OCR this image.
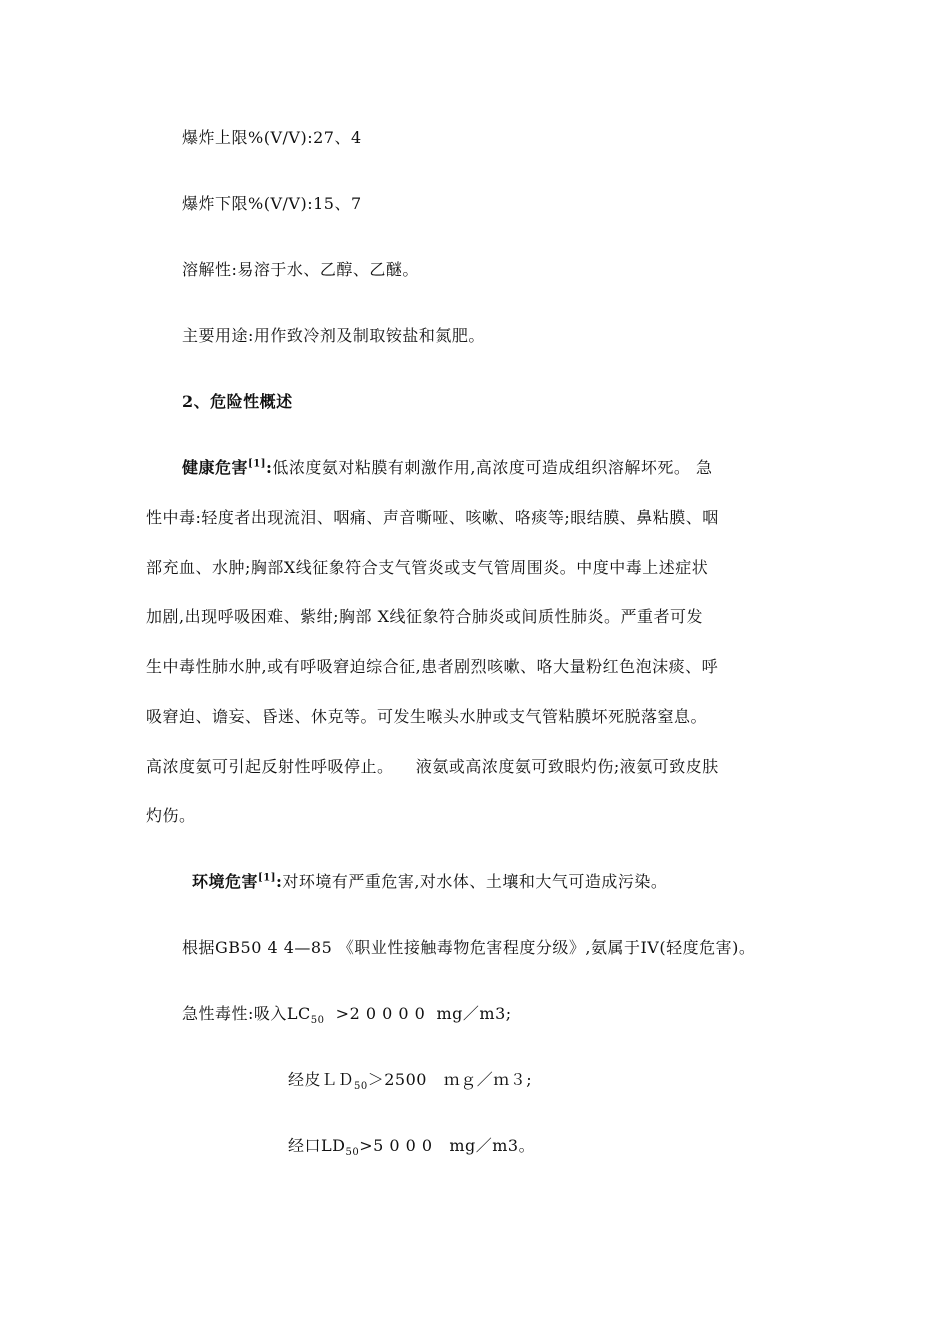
爆炸上限%(V/V):27、4
爆炸下限%(V/V):15、7
溶解性:易溶于水、乙醇、乙醚。
主要用途:用作致冷剂及制取铵盐和氮肥。
2、危险性概述
健康危害[1]:低浓度氨对粘膜有刺激作用,高浓度可造成组织溶解坏死。 急
性中毒:轻度者出现流泪、咽痛、声音嘶哑、咳嗽、咯痰等;眼结膜、鼻粘膜、咽
部充血、水肿;胸部X线征象符合支气管炎或支气管周围炎。中度中毒上述症状
加剧,出现呼吸困难、紫绀;胸部 X线征象符合肺炎或间质性肺炎。严重者可发
生中毒性肺水肿,或有呼吸窘迫综合征,患者剧烈咳嗽、咯大量粉红色泡沫痰、呼
吸窘迫、谵妄、昏迷、休克等。可发生喉头水肿或支气管粘膜坏死脱落窒息。
高浓度氨可引起反射性呼吸停止。    液氨或高浓度氨可致眼灼伤;液氨可致皮肤
灼伤。
环境危害[1]:对环境有严重危害,对水体、土壤和大气可造成污染。
根据GB50 4 4—85 《职业性接触毒物危害程度分级》,氨属于IV(轻度危害)。
急性毒性:吸入$LC_{50} >2$ 0 0 0 0  mg／m3;
经皮ＬＤ$_{50}$＞2500   ｍｇ／ｍ３;
经口$LD_{50}>5$ 0 0 0   mg／m3。
